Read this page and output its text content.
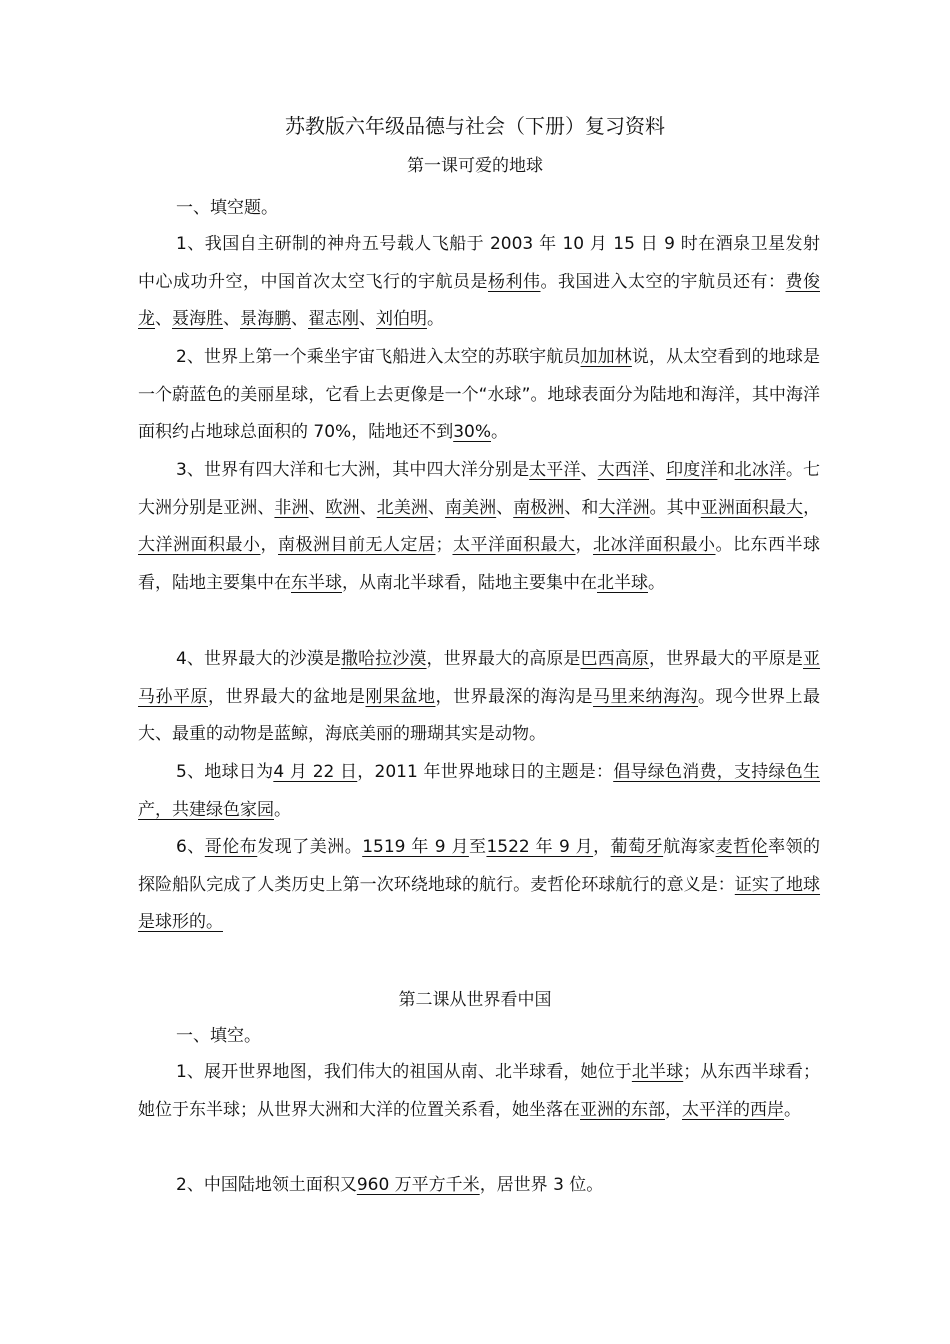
苏教版六年级品德与社会（下册）复习资料
第一课可爱的地球
一、填空题。

1、我国自主研制的神舟五号载人飞船于 2003 年 10 月 15 日 9 时在酒泉卫星发射中心成功升空，中国首次太空飞行的宇航员是杨利伟。我国进入太空的宇航员还有：费俊龙、聂海胜、景海鹏、翟志刚、刘伯明。

2、世界上第一个乘坐宇宙飞船进入太空的苏联宇航员加加林说，从太空看到的地球是一个蔚蓝色的美丽星球，它看上去更像是一个“水球”。地球表面分为陆地和海洋，其中海洋面积约占地球总面积的 70%，陆地还不到30%。

3、世界有四大洋和七大洲，其中四大洋分别是太平洋、大西洋、印度洋和北冰洋。七大洲分别是亚洲、非洲、欧洲、北美洲、南美洲、南极洲、和大洋洲。其中亚洲面积最大，大洋洲面积最小，南极洲目前无人定居；太平洋面积最大，北冰洋面积最小。比东西半球看，陆地主要集中在东半球，从南北半球看，陆地主要集中在北半球。

4、世界最大的沙漠是撒哈拉沙漠，世界最大的高原是巴西高原，世界最大的平原是亚马孙平原，世界最大的盆地是刚果盆地，世界最深的海沟是马里来纳海沟。现今世界上最大、最重的动物是蓝鲸，海底美丽的珊瑚其实是动物。

5、地球日为4 月 22 日，2011 年世界地球日的主题是：倡导绿色消费，支持绿色生产，共建绿色家园。

6、哥伦布发现了美洲。1519 年 9 月至1522 年 9 月，葡萄牙航海家麦哲伦率领的探险船队完成了人类历史上第一次环绕地球的航行。麦哲伦环球航行的意义是：证实了地球是球形的。

第二课从世界看中国
一、填空。

1、展开世界地图，我们伟大的祖国从南、北半球看，她位于北半球；从东西半球看；她位于东半球；从世界大洲和大洋的位置关系看，她坐落在亚洲的东部，太平洋的西岸。

2、中国陆地领土面积又960 万平方千米，居世界 3 位。
